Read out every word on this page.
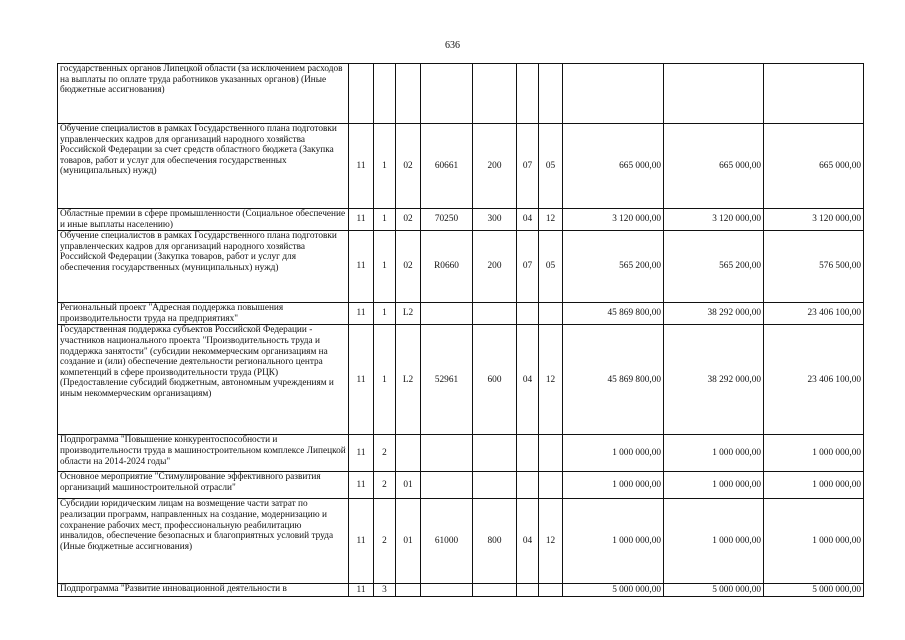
636
государственных органов Липецкой области (за исключением расходов на выплаты по оплате труда работников указанных органов) (Иные бюджетные ассигнования)										
Обучение специалистов в рамках Государственного плана подготовки управленческих кадров для организаций народного хозяйства Российской Федерации за счет средств областного бюджета (Закупка товаров, работ и услуг для обеспечения государственных (муниципальных) нужд)	11	1	02	60661	200	07	05	665 000,00	665 000,00	665 000,00
Областные премии в сфере промышленности (Социальное обеспечение и иные выплаты населению)	11	1	02	70250	300	04	12	3 120 000,00	3 120 000,00	3 120 000,00
Обучение специалистов в рамках Государственного плана подготовки управленческих кадров для организаций народного хозяйства Российской Федерации (Закупка товаров, работ и услуг для обеспечения государственных (муниципальных) нужд)	11	1	02	R0660	200	07	05	565 200,00	565 200,00	576 500,00
Региональный проект "Адресная поддержка повышения производительности труда на предприятиях"	11	1	L2					45 869 800,00	38 292 000,00	23 406 100,00
Государственная поддержка субъектов Российской Федерации - участников национального проекта "Производительность труда и поддержка занятости" (субсидии некоммерческим организациям на создание и (или) обеспечение деятельности регионального центра компетенций в сфере производительности труда (РЦК) (Предоставление субсидий бюджетным, автономным учреждениям и иным некоммерческим организациям)	11	1	L2	52961	600	04	12	45 869 800,00	38 292 000,00	23 406 100,00
Подпрограмма "Повышение конкурентоспособности и производительности труда в машиностроительном комплексе Липецкой области на 2014-2024 годы"	11	2						1 000 000,00	1 000 000,00	1 000 000,00
Основное мероприятие "Стимулирование эффективного развития организаций машиностроительной отрасли"	11	2	01					1 000 000,00	1 000 000,00	1 000 000,00
Субсидии юридическим лицам на возмещение части затрат по реализации программ, направленных на создание, модернизацию и сохранение рабочих мест, профессиональную реабилитацию инвалидов, обеспечение безопасных и благоприятных условий труда (Иные бюджетные ассигнования)	11	2	01	61000	800	04	12	1 000 000,00	1 000 000,00	1 000 000,00
Подпрограмма "Развитие инновационной деятельности в	11	3						5 000 000,00	5 000 000,00	5 000 000,00
